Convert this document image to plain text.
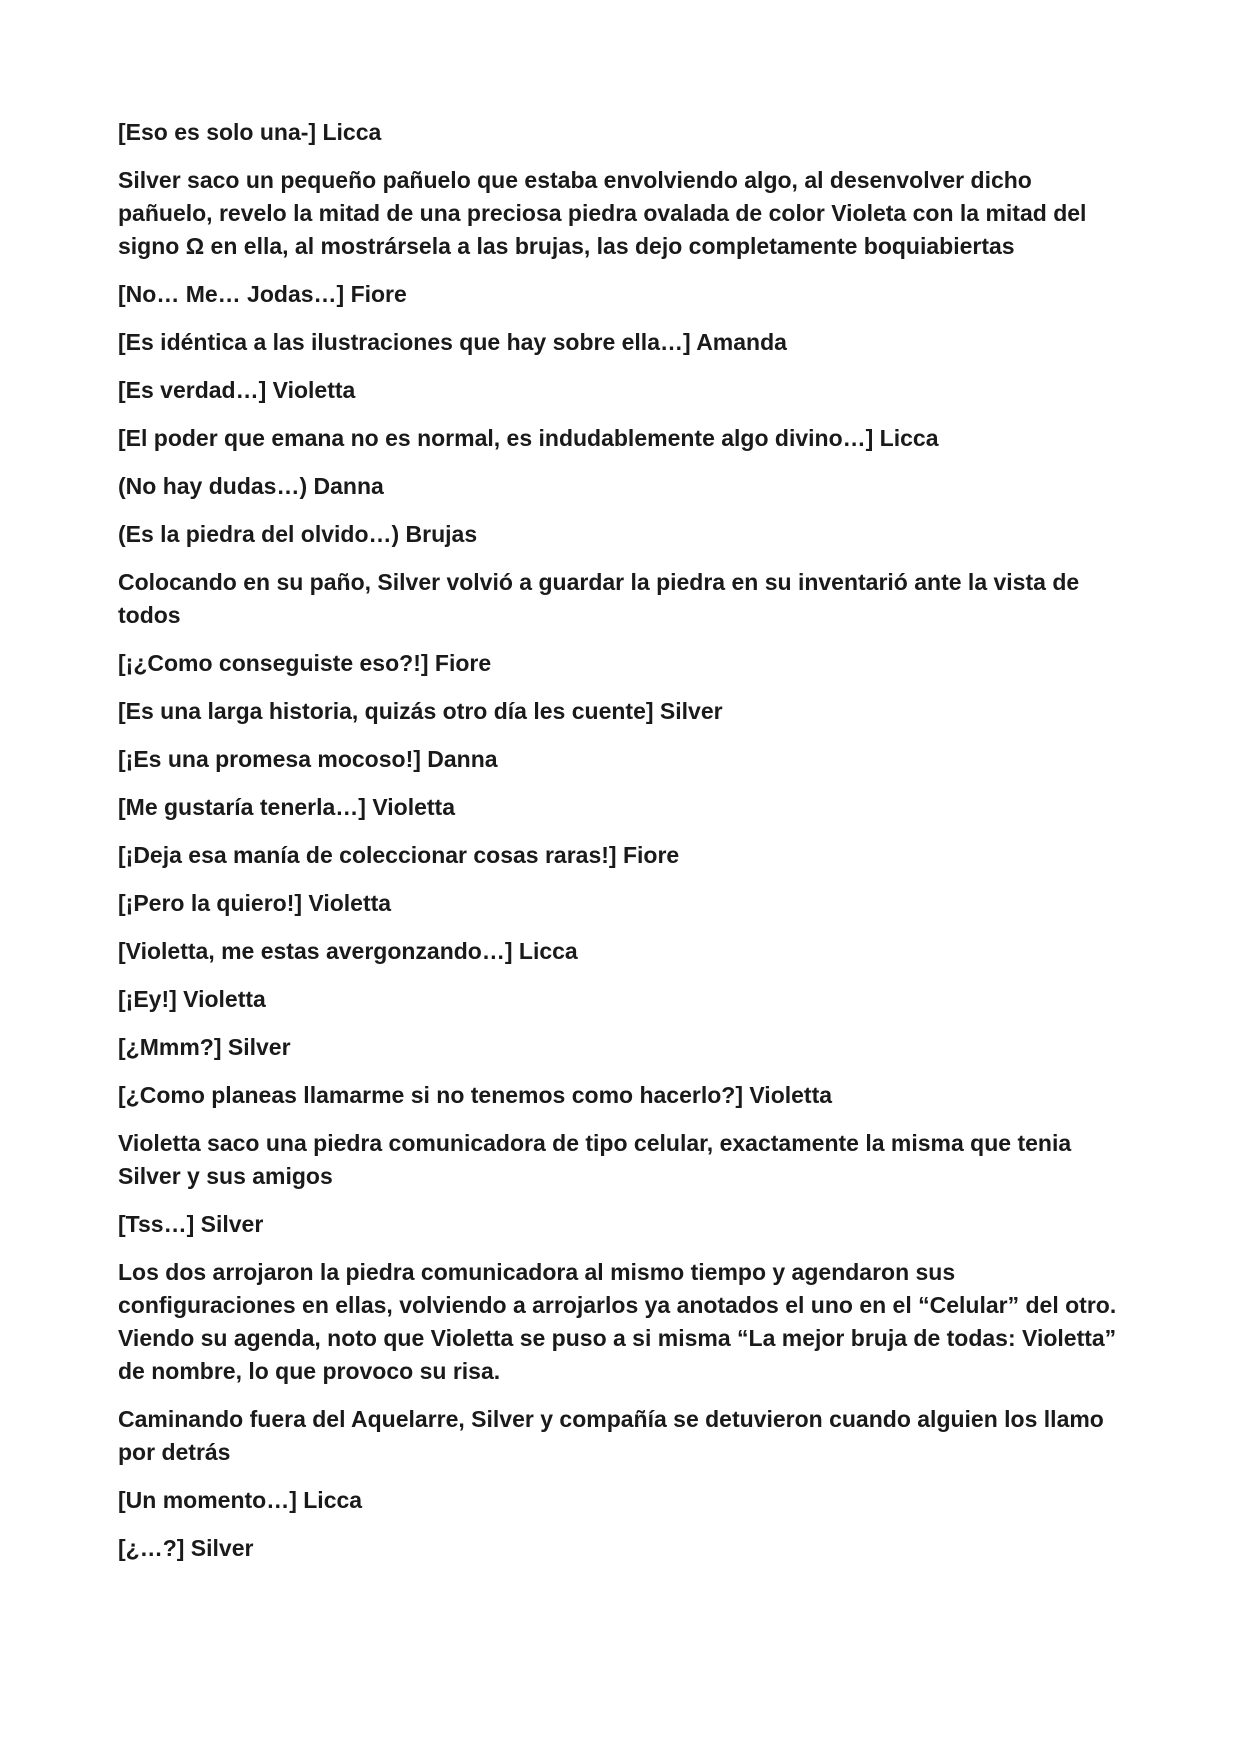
[Eso es solo una-] Licca

Silver saco un pequeño pañuelo que estaba envolviendo algo, al desenvolver dicho pañuelo, revelo la mitad de una preciosa piedra ovalada de color Violeta con la mitad del signo Ω en ella, al mostrársela a las brujas, las dejo completamente boquiabiertas

[No… Me… Jodas…] Fiore

[Es idéntica a las ilustraciones que hay sobre ella…] Amanda

[Es verdad…] Violetta

[El poder que emana no es normal, es indudablemente algo divino…] Licca

(No hay dudas…) Danna

(Es la piedra del olvido…) Brujas

Colocando en su paño, Silver volvió a guardar la piedra en su inventarió ante la vista de todos

[¡¿Como conseguiste eso?!] Fiore

[Es una larga historia, quizás otro día les cuente] Silver

[¡Es una promesa mocoso!] Danna

[Me gustaría tenerla…] Violetta

[¡Deja esa manía de coleccionar cosas raras!] Fiore

[¡Pero la quiero!] Violetta

[Violetta, me estas avergonzando…] Licca

[¡Ey!] Violetta

[¿Mmm?] Silver

[¿Como planeas llamarme si no tenemos como hacerlo?] Violetta

Violetta saco una piedra comunicadora de tipo celular, exactamente la misma que tenia Silver y sus amigos

[Tss…] Silver

Los dos arrojaron la piedra comunicadora al mismo tiempo y agendaron sus configuraciones en ellas, volviendo a arrojarlos ya anotados el uno en el “Celular” del otro. Viendo su agenda, noto que Violetta se puso a si misma “La mejor bruja de todas: Violetta” de nombre, lo que provoco su risa.

Caminando fuera del Aquelarre, Silver y compañía se detuvieron cuando alguien los llamo por detrás

[Un momento…] Licca

[¿…?] Silver
